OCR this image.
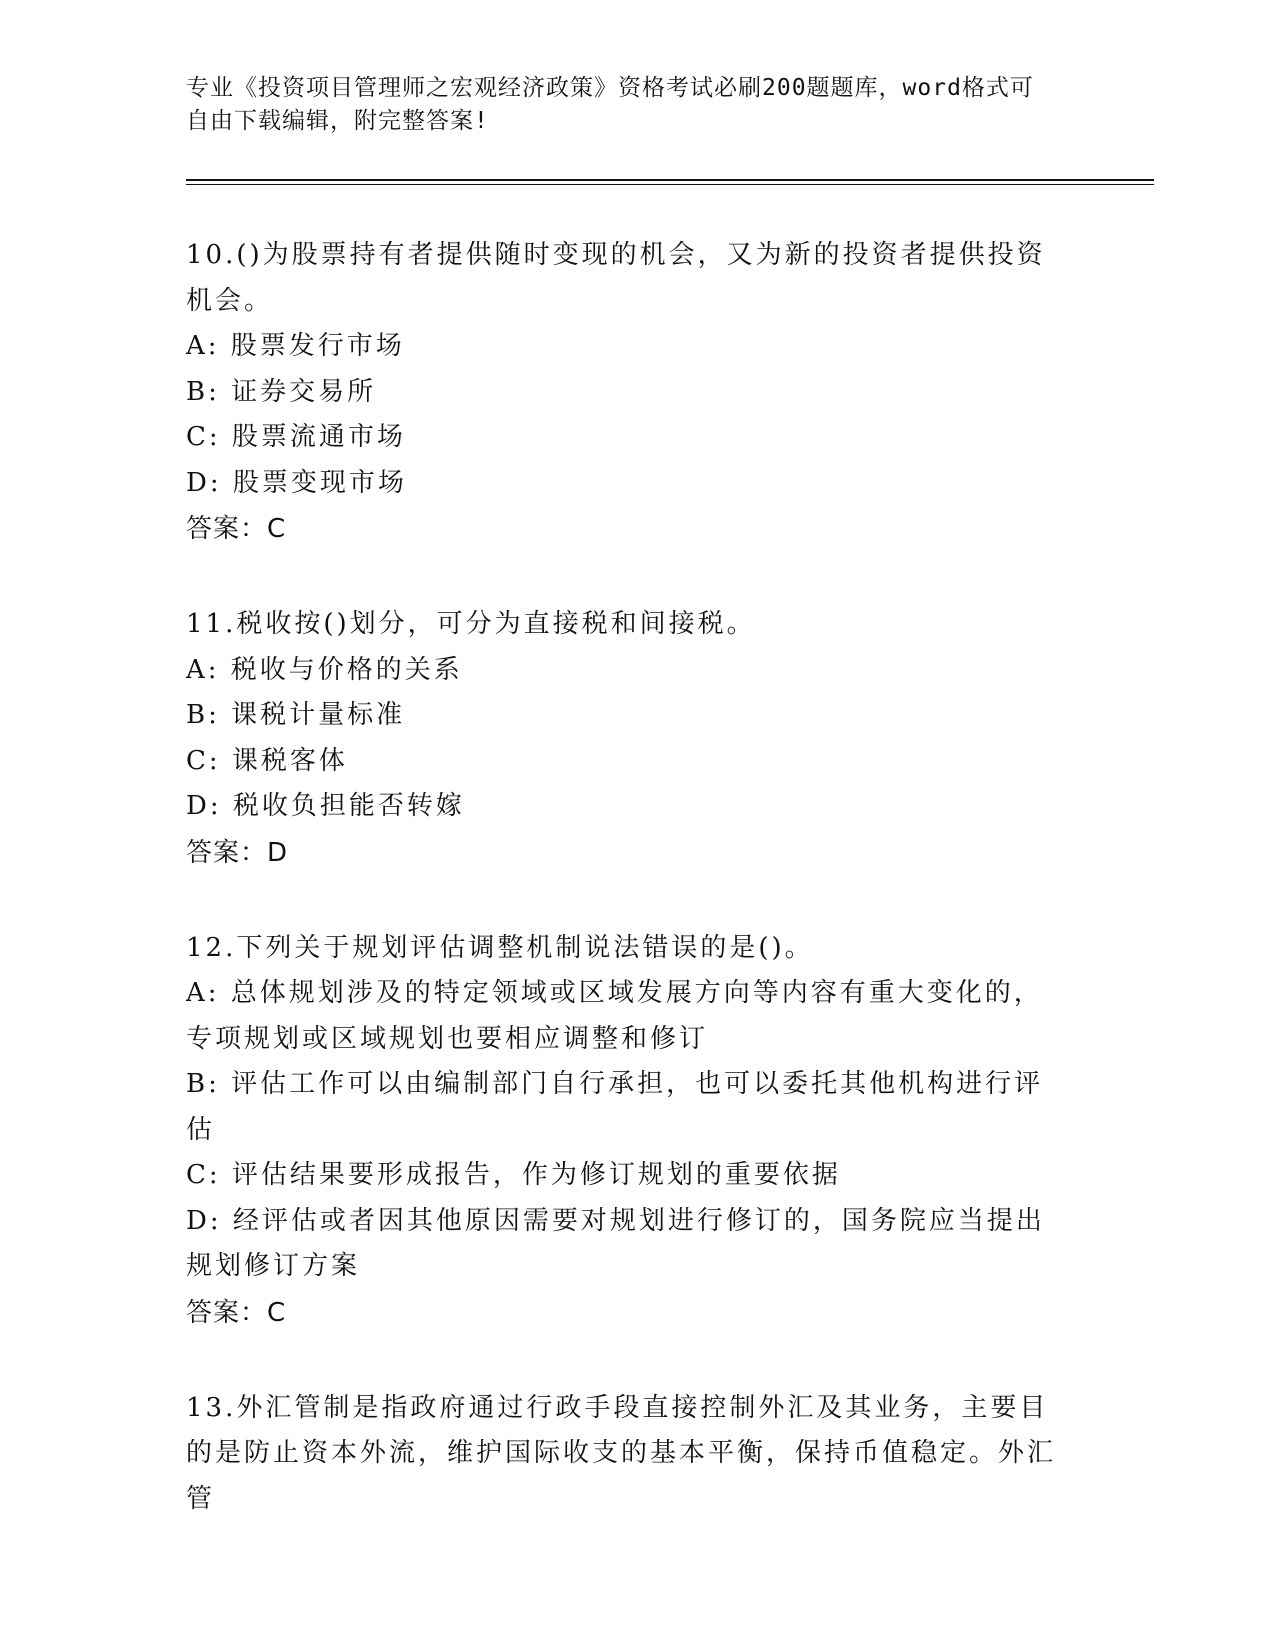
专业《投资项目管理师之宏观经济政策》资格考试必刷200题题库，word格式可
自由下载编辑，附完整答案!
10.()为股票持有者提供随时变现的机会，又为新的投资者提供投资机会。
A: 股票发行市场
B: 证券交易所
C: 股票流通市场
D: 股票变现市场
答案：C
11.税收按()划分，可分为直接税和间接税。
A: 税收与价格的关系
B: 课税计量标准
C: 课税客体
D: 税收负担能否转嫁
答案：D
12.下列关于规划评估调整机制说法错误的是()。
A: 总体规划涉及的特定领域或区域发展方向等内容有重大变化的，专项规划或区域规划也要相应调整和修订
B: 评估工作可以由编制部门自行承担，也可以委托其他机构进行评估
C: 评估结果要形成报告，作为修订规划的重要依据
D: 经评估或者因其他原因需要对规划进行修订的，国务院应当提出规划修订方案
答案：C
13.外汇管制是指政府通过行政手段直接控制外汇及其业务，主要目的是防止资本外流，维护国际收支的基本平衡，保持币值稳定。外汇管
